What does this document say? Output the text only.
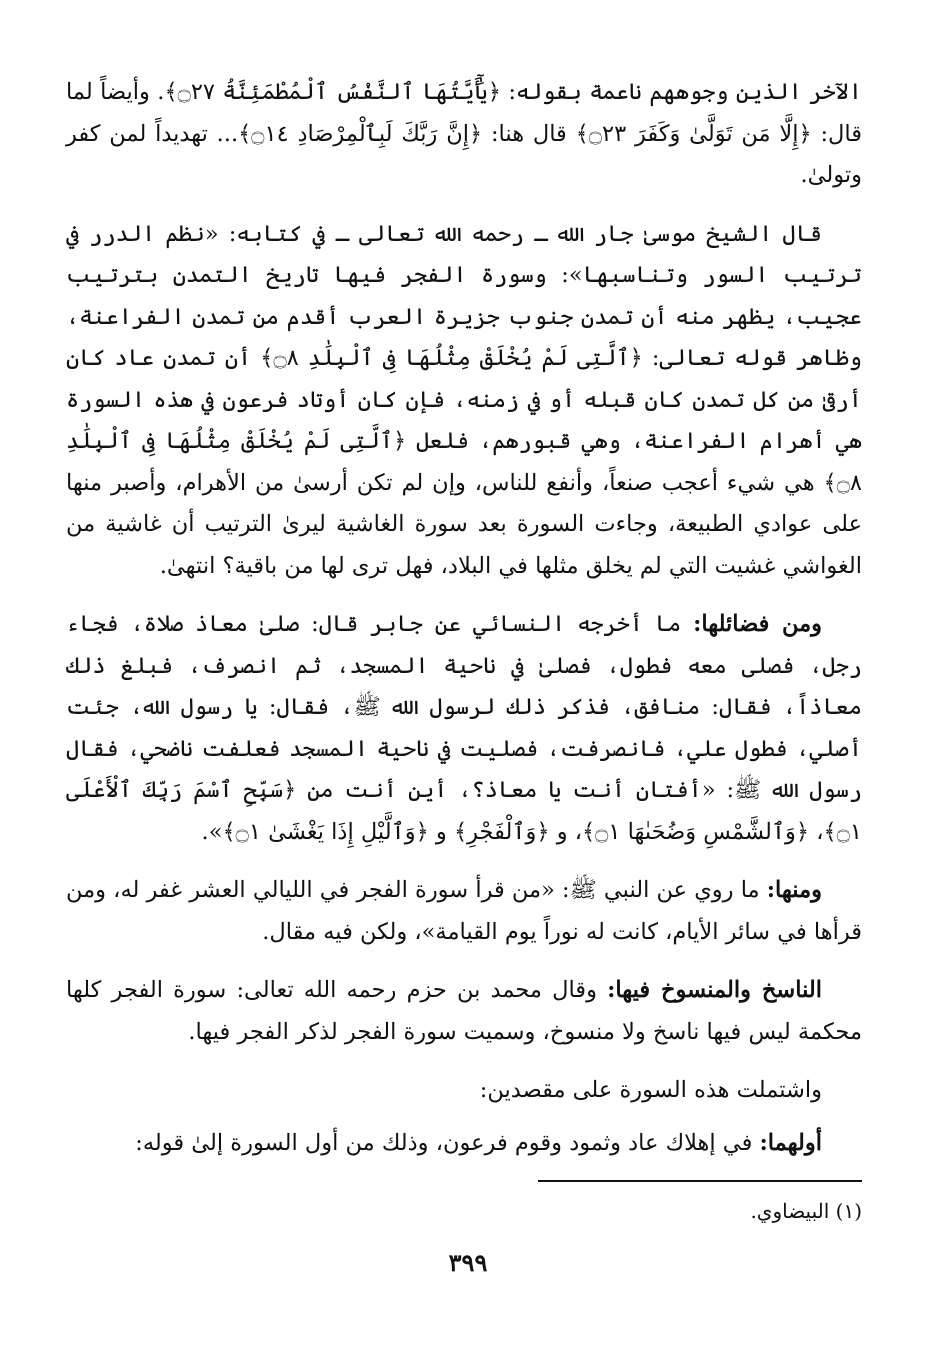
الآخر الذين وجوههم ناعمة بقوله: ﴿يَٰٓأَيَّتُهَا ٱلنَّفْسُ ٱلْمُطْمَئِنَّةُ ۝٢٧﴾. وأيضاً لما قال: ﴿إِلَّا مَن تَوَلَّىٰ وَكَفَرَ ۝٢٣﴾ قال هنا: ﴿إِنَّ رَبَّكَ لَبِٱلْمِرْصَادِ ۝١٤﴾... تهديداً لمن كفر وتولىٰ.

قال الشيخ موسىٰ جار الله ـ رحمه الله تعالى ـ في كتابه: «نظم الدرر في ترتيب السور وتناسبها»: وسورة الفجر فيها تاريخ التمدن بترتيب عجيب، يظهر منه أن تمدن جنوب جزيرة العرب أقدم من تمدن الفراعنة، وظاهر قوله تعالى: ﴿ٱلَّتِى لَمْ يُخْلَقْ مِثْلُهَا فِى ٱلْبِلَٰدِ ۝٨﴾ أن تمدن عاد كان أرقىٰ من كل تمدن كان قبله أو في زمنه، فإن كان أوتاد فرعون في هذه السورة هي أهرام الفراعنة، وهي قبورهم، فلعل ﴿ٱلَّتِى لَمْ يُخْلَقْ مِثْلُهَا فِى ٱلْبِلَٰدِ ۝٨﴾ هي شيء أعجب صنعاً، وأنفع للناس، وإن لم تكن أرسىٰ من الأهرام، وأصبر منها على عوادي الطبيعة، وجاءت السورة بعد سورة الغاشية ليرىٰ الترتيب أن غاشية من الغواشي غشيت التي لم يخلق مثلها في البلاد، فهل ترى لها من باقية؟ انتهىٰ.

ومن فضائلها: ما أخرجه النسائي عن جابر قال: صلىٰ معاذ صلاة، فجاء رجل، فصلى معه فطول، فصلىٰ في ناحية المسجد، ثم انصرف، فبلغ ذلك معاذاً، فقال: منافق، فذكر ذلك لرسول الله ﷺ، فقال: يا رسول الله، جئت أصلي، فطول علي، فانصرفت، فصليت في ناحية المسجد فعلفت ناضحي، فقال رسول الله ﷺ: «أفتان أنت يا معاذ؟، أين أنت من ﴿سَبِّحِ ٱسْمَ رَبِّكَ ٱلْأَعْلَى ۝١﴾، ﴿وَٱلشَّمْسِ وَضُحَىٰهَا ۝١﴾، و ﴿وَٱلْفَجْرِ﴾ و ﴿وَٱلَّيْلِ إِذَا يَغْشَىٰ ۝١﴾».

ومنها: ما روي عن النبي ﷺ: «من قرأ سورة الفجر في الليالي العشر غفر له، ومن قرأها في سائر الأيام، كانت له نوراً يوم القيامة»، ولكن فيه مقال.

الناسخ والمنسوخ فيها: وقال محمد بن حزم رحمه الله تعالى: سورة الفجر كلها محكمة ليس فيها ناسخ ولا منسوخ، وسميت سورة الفجر لذكر الفجر فيها.

واشتملت هذه السورة على مقصدين:

أولهما: في إهلاك عاد وثمود وقوم فرعون، وذلك من أول السورة إلىٰ قوله:

(١) البيضاوي.
٣٩٩
